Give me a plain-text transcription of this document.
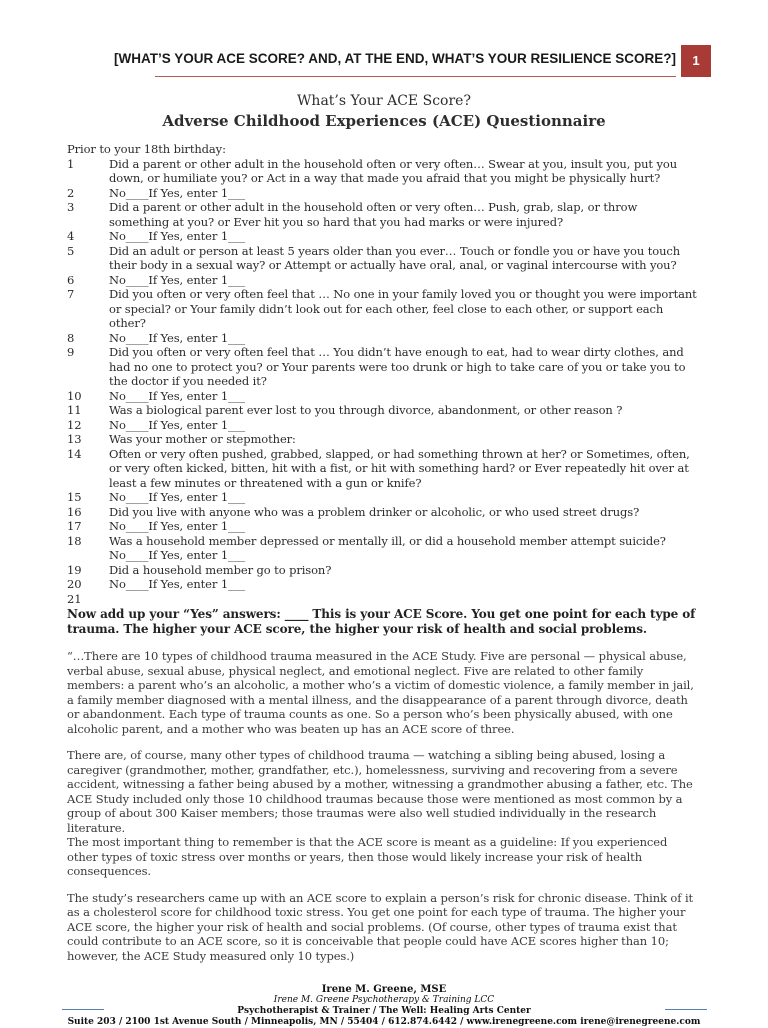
[WHAT’S YOUR ACE SCORE? AND, AT THE END, WHAT’S YOUR RESILIENCE SCORE?]	1
What’s Your ACE Score?
Adverse Childhood Experiences (ACE) Questionnaire
Prior to your 18th birthday:
1	Did a parent or other adult in the household often or very often… Swear at you, insult you, put you down, or humiliate you? or Act in a way that made you afraid that you might be physically hurt?
2	No____If Yes, enter 1___
3	Did a parent or other adult in the household often or very often… Push, grab, slap, or throw something at you? or Ever hit you so hard that you had marks or were injured?
4	No____If Yes, enter 1___
5	Did an adult or person at least 5 years older than you ever… Touch or fondle you or have you touch their body in a sexual way? or Attempt or actually have oral, anal, or vaginal intercourse with you?
6	No____If Yes, enter 1___
7	Did you often or very often feel that … No one in your family loved you or thought you were important or special? or Your family didn’t look out for each other, feel close to each other, or support each other?
8	No____If Yes, enter 1___
9	Did you often or very often feel that … You didn’t have enough to eat, had to wear dirty clothes, and had no one to protect you? or Your parents were too drunk or high to take care of you or take you to the doctor if you needed it?
10	No____If Yes, enter 1___
11	Was a biological parent ever lost to you through divorce, abandonment, or other reason ?
12	No____If Yes, enter 1___
13	Was your mother or stepmother:
14	Often or very often pushed, grabbed, slapped, or had something thrown at her? or Sometimes, often, or very often kicked, bitten, hit with a fist, or hit with something hard? or Ever repeatedly hit over at least a few minutes or threatened with a gun or knife?
15	No____If Yes, enter 1___
16	Did you live with anyone who was a problem drinker or alcoholic, or who used street drugs?
17	No____If Yes, enter 1___
18	Was a household member depressed or mentally ill, or did a household member attempt suicide?                       No____If Yes, enter 1___
19	Did a household member go to prison?
20	No____If Yes, enter 1___
21
Now add up your “Yes” answers: ____ This is your ACE Score. You get one point for each type of trauma. The higher your ACE score, the higher your risk of health and social problems.
“…There are 10 types of childhood trauma measured in the ACE Study. Five are personal — physical abuse, verbal abuse, sexual abuse, physical neglect, and emotional neglect. Five are related to other family members: a parent who’s an alcoholic, a mother who’s a victim of domestic violence, a family member in jail, a family member diagnosed with a mental illness, and the disappearance of a parent through divorce, death or abandonment. Each type of trauma counts as one. So a person who’s been physically abused, with one alcoholic parent, and a mother who was beaten up has an ACE score of three.
There are, of course, many other types of childhood trauma — watching a sibling being abused, losing a caregiver (grandmother, mother, grandfather, etc.), homelessness, surviving and recovering from a severe accident, witnessing a father being abused by a mother, witnessing a grandmother abusing a father, etc. The ACE Study included only those 10 childhood traumas because those were mentioned as most common by a group of about 300 Kaiser members; those traumas were also well studied individually in the research literature.
The most important thing to remember is that the ACE score is meant as a guideline: If you experienced other types of toxic stress over months or years, then those would likely increase your risk of health consequences.
The study’s researchers came up with an ACE score to explain a person’s risk for chronic disease. Think of it as a cholesterol score for childhood toxic stress. You get one point for each type of trauma. The higher your ACE score, the higher your risk of health and social problems. (Of course, other types of trauma exist that could contribute to an ACE score, so it is conceivable that people could have ACE scores higher than 10; however, the ACE Study measured only 10 types.)
Irene M. Greene, MSE
Irene M. Greene Psychotherapy & Training LCC
Psychotherapist & Trainer / The Well: Healing Arts Center
Suite 203 / 2100 1st Avenue South / Minneapolis, MN / 55404 / 612.874.6442 / www.irenegreene.com irene@irenegreene.com
